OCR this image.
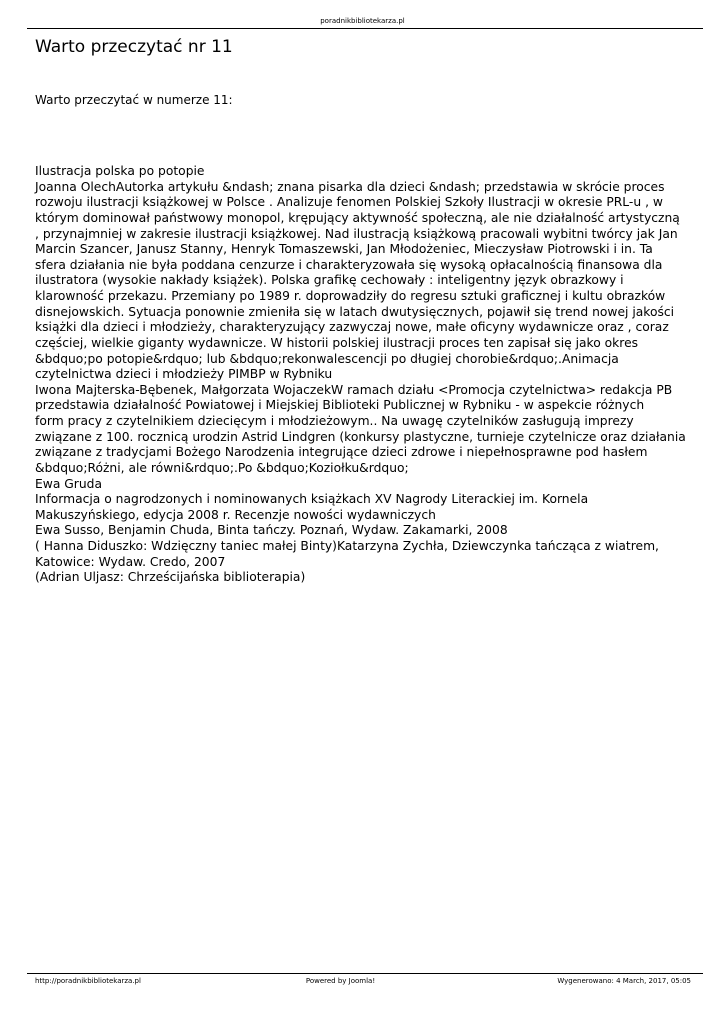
poradnikbibliotekarza.pl
Warto przeczytać nr 11
Warto przeczytać w numerze 11:
Ilustracja polska po potopie
Joanna OlechAutorka artykułu &ndash; znana pisarka dla dzieci &ndash; przedstawia w skrócie proces
rozwoju ilustracji książkowej w Polsce . Analizuje fenomen Polskiej Szkoły Ilustracji w okresie PRL-u , w
którym dominował państwowy monopol, krępujący aktywność społeczną, ale nie działalność artystyczną
, przynajmniej w zakresie ilustracji książkowej. Nad ilustracją książkową pracowali wybitni twórcy jak Jan
Marcin Szancer, Janusz Stanny, Henryk Tomaszewski, Jan Młodożeniec, Mieczysław Piotrowski i in. Ta
sfera działania nie była poddana cenzurze i charakteryzowała się wysoką opłacalnością finansowa dla
ilustratora (wysokie nakłady książek). Polska grafikę cechowały : inteligentny język obrazkowy i
klarowność przekazu. Przemiany po 1989 r. doprowadziły do regresu sztuki graficznej i kultu obrazków
disnejowskich. Sytuacja ponownie zmieniła się w latach dwutysięcznych, pojawił się trend nowej jakości
książki dla dzieci i młodzieży, charakteryzujący zazwyczaj nowe, małe oficyny wydawnicze oraz , coraz
częściej, wielkie giganty wydawnicze. W historii polskiej ilustracji proces ten zapisał się jako okres
&bdquo;po potopie&rdquo; lub &bdquo;rekonwalescencji po długiej chorobie&rdquo;.Animacja
czytelnictwa dzieci i młodzieży PIMBP w Rybniku
Iwona Majterska-Bębenek, Małgorzata WojaczekW ramach działu <Promocja czytelnictwa> redakcja PB
przedstawia działalność Powiatowej i Miejskiej Biblioteki Publicznej w Rybniku - w aspekcie różnych
form pracy z czytelnikiem dziecięcym i młodzieżowym.. Na uwagę czytelników zasługują imprezy
związane z 100. rocznicą urodzin Astrid Lindgren (konkursy plastyczne, turnieje czytelnicze oraz działania
związane z tradycjami Bożego Narodzenia integrujące dzieci zdrowe i niepełnosprawne pod hasłem
&bdquo;Różni, ale równi&rdquo;.Po &bdquo;Koziołku&rdquo;
Ewa Gruda
Informacja o nagrodzonych i nominowanych książkach XV Nagrody Literackiej im. Kornela
Makuszyńskiego, edycja 2008 r. Recenzje nowości wydawniczych
Ewa Susso, Benjamin Chuda, Binta tańczy. Poznań, Wydaw. Zakamarki, 2008
( Hanna Diduszko: Wdzięczny taniec małej Binty)Katarzyna Zychła, Dziewczynka tańcząca z wiatrem,
Katowice: Wydaw. Credo, 2007
(Adrian Uljasz: Chrześcijańska biblioterapia)
http://poradnikbibliotekarza.pl	Powered by Joomla!	Wygenerowano: 4 March, 2017, 05:05
